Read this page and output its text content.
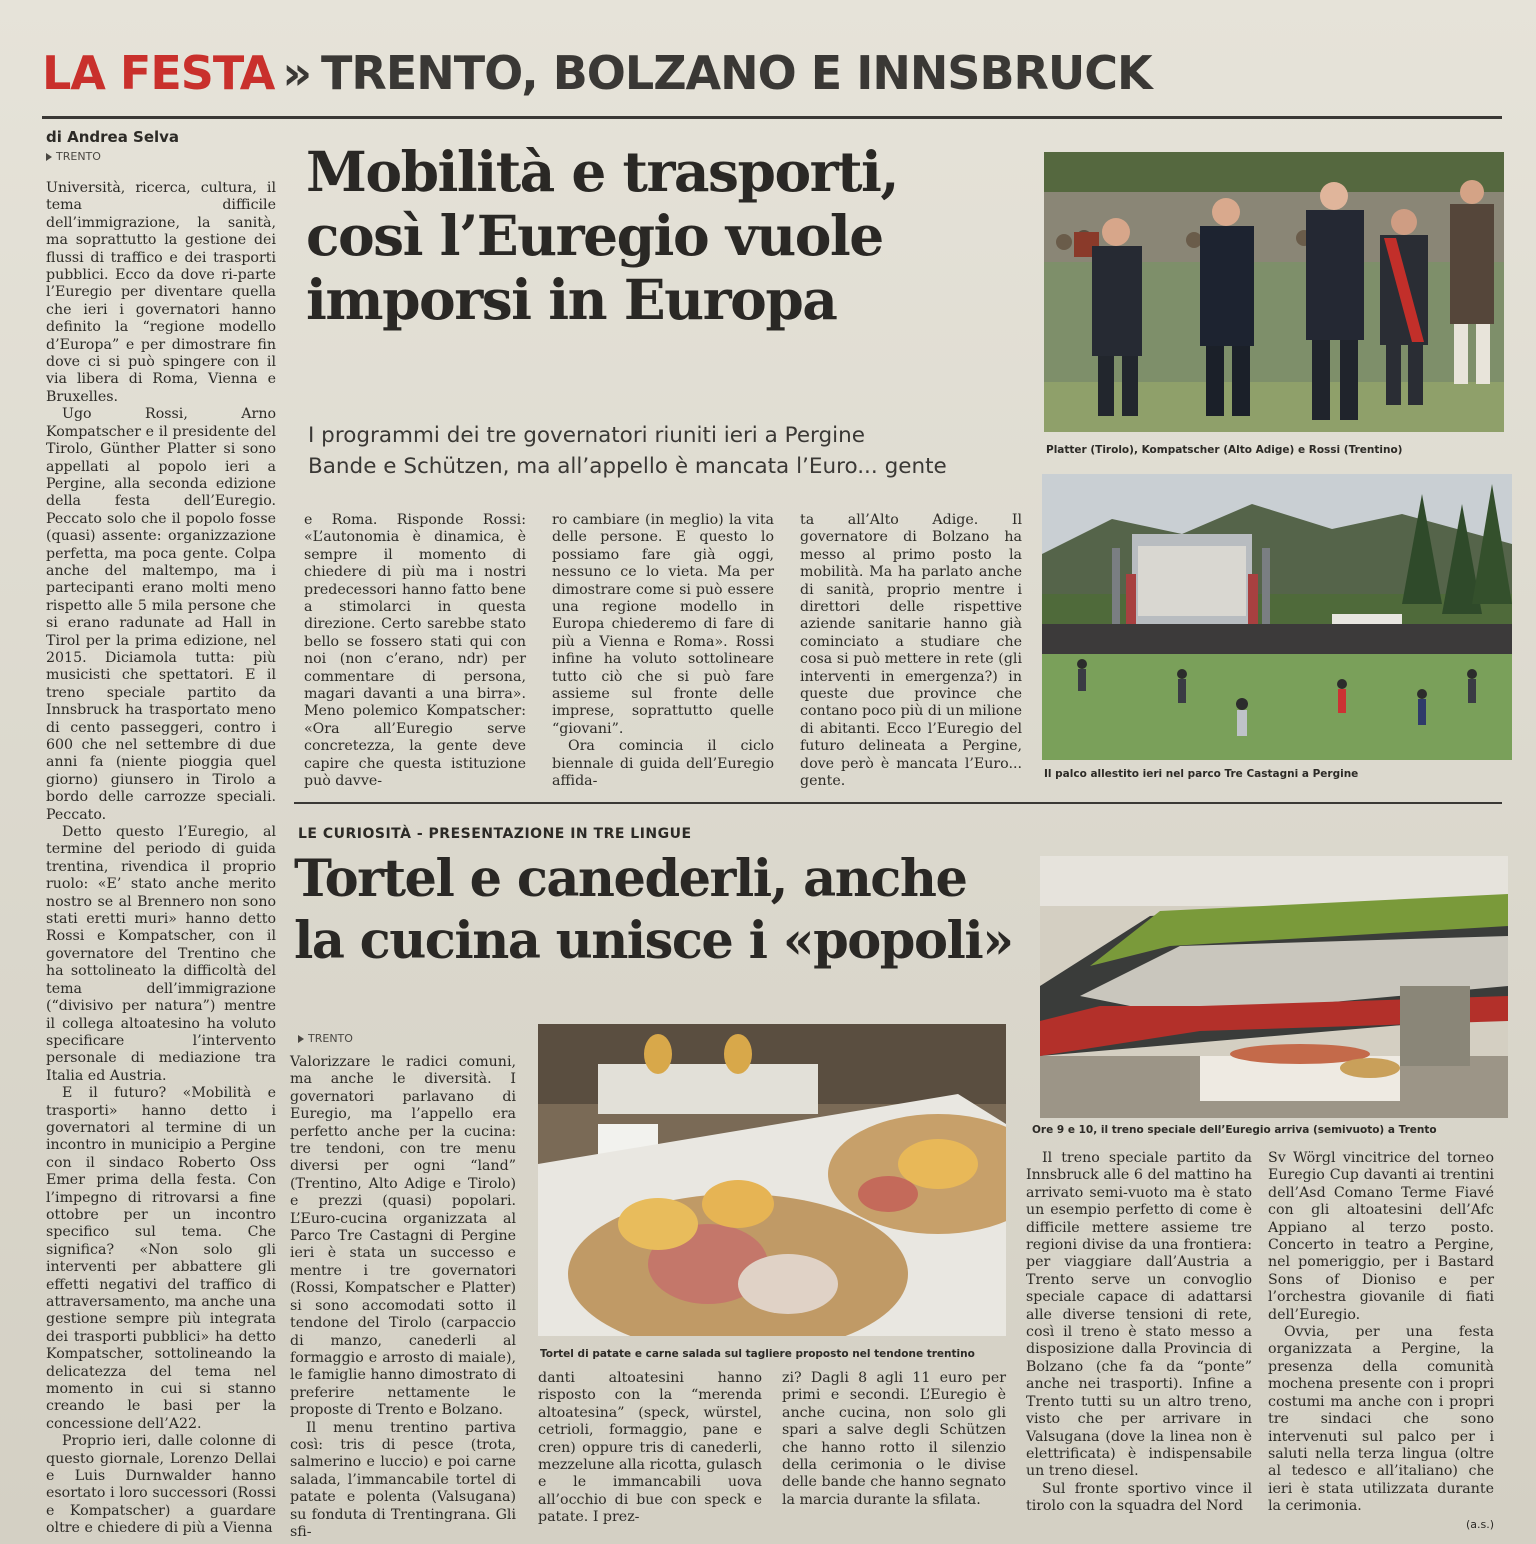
LA FESTA » TRENTO, BOLZANO E INNSBRUCK
di Andrea Selva
TRENTO

Università, ricerca, cultura, il tema difficile dell’immigrazione, la sanità, ma soprattutto la gestione dei flussi di traffico e dei trasporti pubblici. Ecco da dove ri-parte l’Euregio per diventare quella che ieri i governatori hanno definito la “regione modello d’Europa” e per dimostrare fin dove ci si può spingere con il via libera di Roma, Vienna e Bruxelles.

Ugo Rossi, Arno Kompatscher e il presidente del Tirolo, Günther Platter si sono appellati al popolo ieri a Pergine, alla seconda edizione della festa dell’Euregio. Peccato solo che il popolo fosse (quasi) assente: organizzazione perfetta, ma poca gente. Colpa anche del maltempo, ma i partecipanti erano molti meno rispetto alle 5 mila persone che si erano radunate ad Hall in Tirol per la prima edizione, nel 2015. Diciamola tutta: più musicisti che spettatori. E il treno speciale partito da Innsbruck ha trasportato meno di cento passeggeri, contro i 600 che nel settembre di due anni fa (niente pioggia quel giorno) giunsero in Tirolo a bordo delle carrozze speciali. Peccato.

Detto questo l’Euregio, al termine del periodo di guida trentina, rivendica il proprio ruolo: «E’ stato anche merito nostro se al Brennero non sono stati eretti muri» hanno detto Rossi e Kompatscher, con il governatore del Trentino che ha sottolineato la difficoltà del tema dell’immigrazione (“divisivo per natura”) mentre il collega altoatesino ha voluto specificare l’intervento personale di mediazione tra Italia ed Austria.

E il futuro? «Mobilità e trasporti» hanno detto i governatori al termine di un incontro in municipio a Pergine con il sindaco Roberto Oss Emer prima della festa. Con l’impegno di ritrovarsi a fine ottobre per un incontro specifico sul tema. Che significa? «Non solo gli interventi per abbattere gli effetti negativi del traffico di attraversamento, ma anche una gestione sempre più integrata dei trasporti pubblici» ha detto Kompatscher, sottolineando la delicatezza del tema nel momento in cui si stanno creando le basi per la concessione dell’A22.

Proprio ieri, dalle colonne di questo giornale, Lorenzo Dellai e Luis Durnwalder hanno esortato i loro successori (Rossi e Kompatscher) a guardare oltre e chiedere di più a Vienna

Mobilità e trasporti,
così l’Euregio vuole
imporsi in Europa
I programmi dei tre governatori riuniti ieri a Pergine
Bande e Schützen, ma all’appello è mancata l’Euro... gente

e Roma. Risponde Rossi: «L’autonomia è dinamica, è sempre il momento di chiedere di più ma i nostri predecessori hanno fatto bene a stimolarci in questa direzione. Certo sarebbe stato bello se fossero stati qui con noi (non c’erano, ndr) per commentare di persona, magari davanti a una birra». Meno polemico Kompatscher: «Ora all’Euregio serve concretezza, la gente deve capire che questa istituzione può davve-

ro cambiare (in meglio) la vita delle persone. E questo lo possiamo fare già oggi, nessuno ce lo vieta. Ma per dimostrare come si può essere una regione modello in Europa chiederemo di fare di più a Vienna e Roma». Rossi infine ha voluto sottolineare tutto ciò che si può fare assieme sul fronte delle imprese, soprattutto quelle “giovani”.

Ora comincia il ciclo biennale di guida dell’Euregio affida-

ta all’Alto Adige. Il governatore di Bolzano ha messo al primo posto la mobilità. Ma ha parlato anche di sanità, proprio mentre i direttori delle rispettive aziende sanitarie hanno già cominciato a studiare che cosa si può mettere in rete (gli interventi in emergenza?) in queste due province che contano poco più di un milione di abitanti. Ecco l’Euregio del futuro delineata a Pergine, dove però è mancata l’Euro... gente.

Platter (Tirolo), Kompatscher (Alto Adige) e Rossi (Trentino)
Il palco allestito ieri nel parco Tre Castagni a Pergine
LE CURIOSITÀ - PRESENTAZIONE IN TRE LINGUE
Tortel e canederli, anche
la cucina unisce i «popoli»
Ore 9 e 10, il treno speciale dell’Euregio arriva (semivuoto) a Trento
TRENTO

Valorizzare le radici comuni, ma anche le diversità. I governatori parlavano di Euregio, ma l’appello era perfetto anche per la cucina: tre tendoni, con tre menu diversi per ogni “land” (Trentino, Alto Adige e Tirolo) e prezzi (quasi) popolari. L’Euro-cucina organizzata al Parco Tre Castagni di Pergine ieri è stata un successo e mentre i tre governatori (Rossi, Kompatscher e Platter) si sono accomodati sotto il tendone del Tirolo (carpaccio di manzo, canederli al formaggio e arrosto di maiale), le famiglie hanno dimostrato di preferire nettamente le proposte di Trento e Bolzano.

Il menu trentino partiva così: tris di pesce (trota, salmerino e luccio) e poi carne salada, l’immancabile tortel di patate e polenta (Valsugana) su fonduta di Trentingrana. Gli sfi-

Tortel di patate e carne salada sul tagliere proposto nel tendone trentino

danti altoatesini hanno risposto con la “merenda altoatesina” (speck, würstel, cetrioli, formaggio, pane e cren) oppure tris di canederli, mezzelune alla ricotta, gulasch e le immancabili uova all’occhio di bue con speck e patate. I prez-

zi? Dagli 8 agli 11 euro per primi e secondi. L’Euregio è anche cucina, non solo gli spari a salve degli Schützen che hanno rotto il silenzio della cerimonia o le divise delle bande che hanno segnato la marcia durante la sfilata.

Il treno speciale partito da Innsbruck alle 6 del mattino ha arrivato semi-vuoto ma è stato un esempio perfetto di come è difficile mettere assieme tre regioni divise da una frontiera: per viaggiare dall’Austria a Trento serve un convoglio speciale capace di adattarsi alle diverse tensioni di rete, così il treno è stato messo a disposizione dalla Provincia di Bolzano (che fa da “ponte” anche nei trasporti). Infine a Trento tutti su un altro treno, visto che per arrivare in Valsugana (dove la linea non è elettrificata) è indispensabile un treno diesel.

Sul fronte sportivo vince il tirolo con la squadra del Nord

Sv Wörgl vincitrice del torneo Euregio Cup davanti ai trentini dell’Asd Comano Terme Fiavé con gli altoatesini dell’Afc Appiano al terzo posto. Concerto in teatro a Pergine, nel pomeriggio, per i Bastard Sons of Dioniso e per l’orchestra giovanile di fiati dell’Euregio.

Ovvia, per una festa organizzata a Pergine, la presenza della comunità mochena presente con i propri costumi ma anche con i propri tre sindaci che sono intervenuti sul palco per i saluti nella terza lingua (oltre al tedesco e all’italiano) che ieri è stata utilizzata durante la cerimonia.

(a.s.)
